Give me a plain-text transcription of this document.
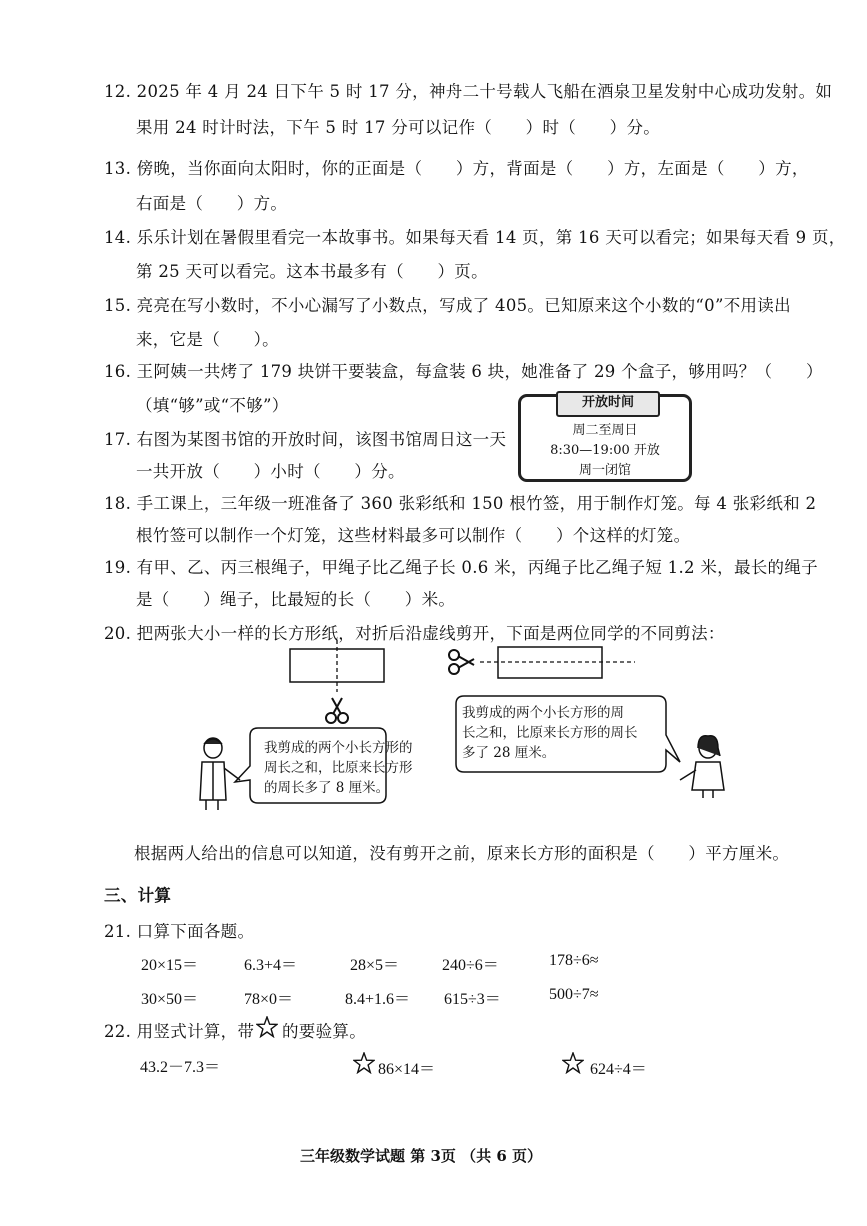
12. 2025 年 4 月 24 日下午 5 时 17 分，神舟二十号载人飞船在酒泉卫星发射中心成功发射。如
果用 24 时计时法，下午 5 时 17 分可以记作（　　）时（　　）分。
13. 傍晚，当你面向太阳时，你的正面是（　　）方，背面是（　　）方，左面是（　　）方，
右面是（　　）方。
14. 乐乐计划在暑假里看完一本故事书。如果每天看 14 页，第 16 天可以看完；如果每天看 9 页，
第 25 天可以看完。这本书最多有（　　）页。
15. 亮亮在写小数时，不小心漏写了小数点，写成了 405。已知原来这个小数的“0”不用读出
来，它是（　　）。
16. 王阿姨一共烤了 179 块饼干要装盒，每盒装 6 块，她准备了 29 个盒子，够用吗？（　　）
（填“够”或“不够”）
17. 右图为某图书馆的开放时间，该图书馆周日这一天
一共开放（　　）小时（　　）分。
开放时间
周二至周日
8:30—19:00 开放
周一闭馆
18. 手工课上，三年级一班准备了 360 张彩纸和 150 根竹签，用于制作灯笼。每 4 张彩纸和 2
根竹签可以制作一个灯笼，这些材料最多可以制作（　　）个这样的灯笼。
19. 有甲、乙、丙三根绳子，甲绳子比乙绳子长 0.6 米，丙绳子比乙绳子短 1.2 米，最长的绳子
是（　　）绳子，比最短的长（　　）米。
20. 把两张大小一样的长方形纸，对折后沿虚线剪开，下面是两位同学的不同剪法：
我剪成的两个小长方形的
周长之和，比原来长方形
的周长多了 8 厘米。
我剪成的两个小长方形的周
长之和，比原来长方形的周长
多了 28 厘米。
根据两人给出的信息可以知道，没有剪开之前，原来长方形的面积是（　　）平方厘米。
三、计算
21. 口算下面各题。
20×15＝	6.3+4＝	28×5＝	240÷6＝	178÷6≈
30×50＝	78×0＝	8.4+1.6＝ 615÷3＝	500÷7≈
22. 用竖式计算，带 的要验算。
43.2－7.3＝	86×14＝	624÷4＝
三年级数学试题 第 3页 （共 6 页）
